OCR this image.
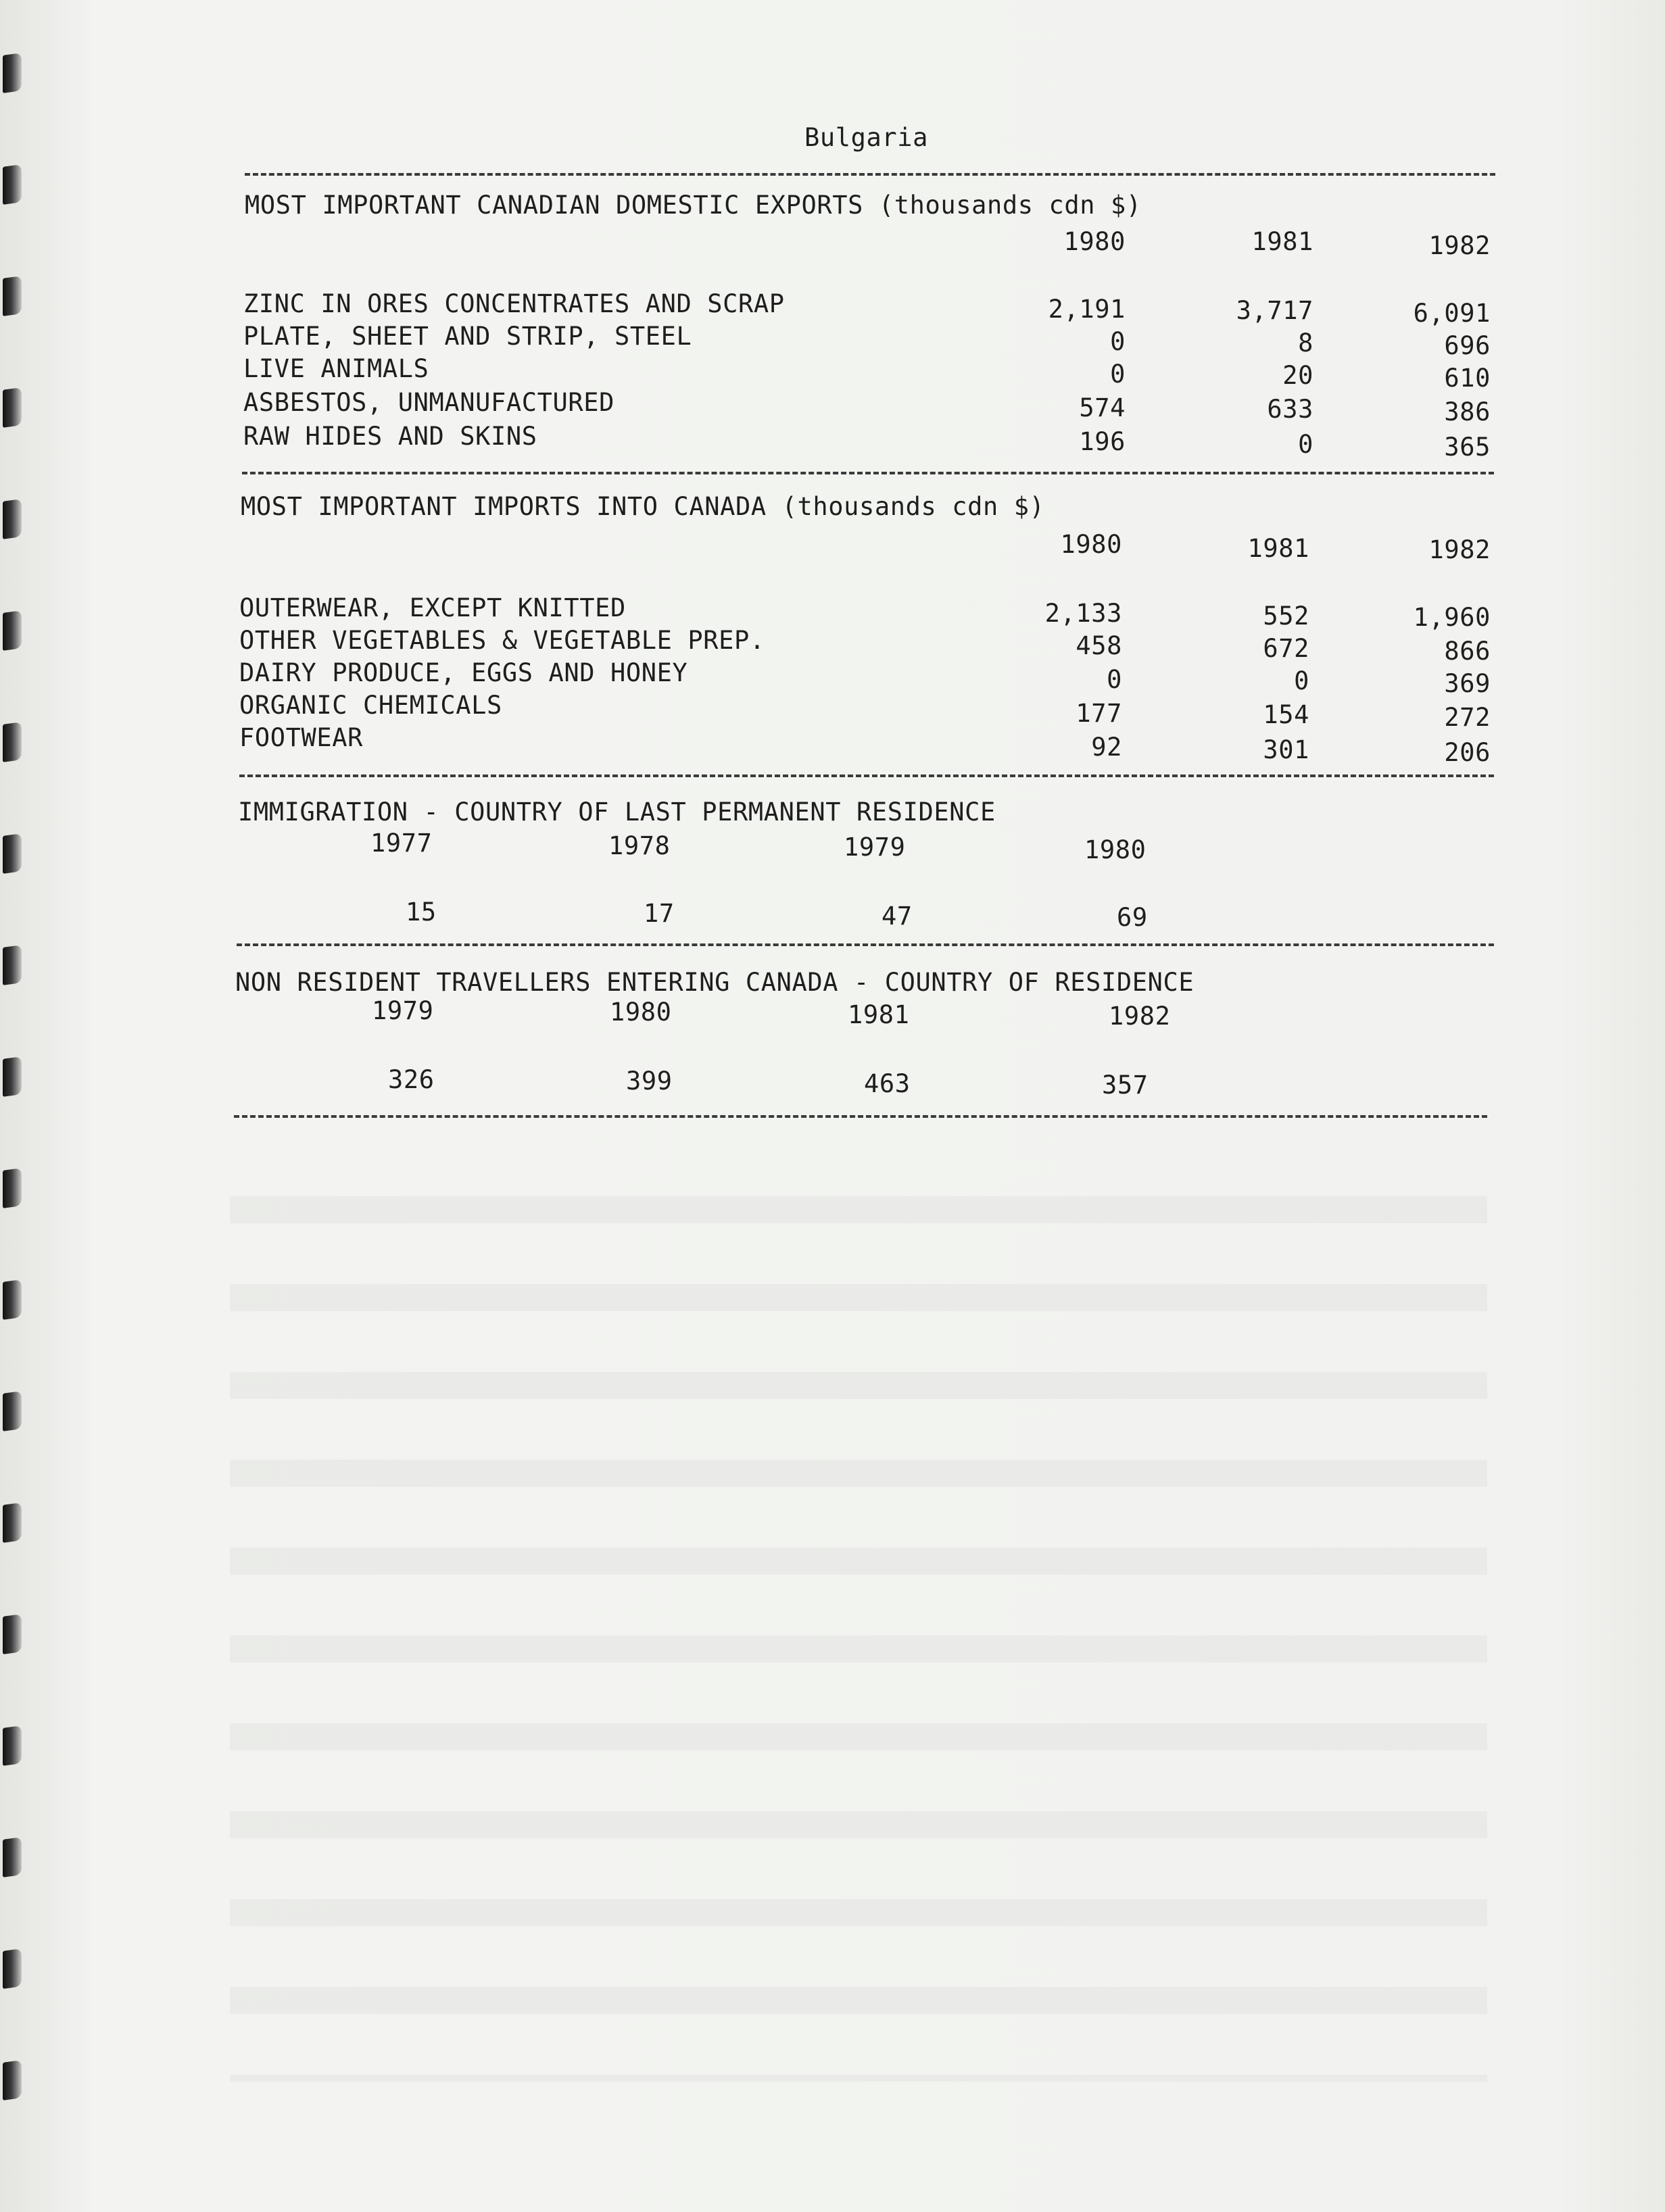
Bulgaria
MOST IMPORTANT CANADIAN DOMESTIC EXPORTS (thousands cdn $)
1980	1981	1982
ZINC IN ORES CONCENTRATES AND SCRAP	2,191	3,717	6,091
PLATE, SHEET AND STRIP, STEEL	0	8	696
LIVE ANIMALS	0	20	610
ASBESTOS, UNMANUFACTURED	574	633	386
RAW HIDES AND SKINS	196	0	365
MOST IMPORTANT IMPORTS INTO CANADA (thousands cdn $)
1980	1981	1982
OUTERWEAR, EXCEPT KNITTED	2,133	552	1,960
OTHER VEGETABLES & VEGETABLE PREP.	458	672	866
DAIRY PRODUCE, EGGS AND HONEY	0	0	369
ORGANIC CHEMICALS	177	154	272
FOOTWEAR	92	301	206
IMMIGRATION - COUNTRY OF LAST PERMANENT RESIDENCE
1977	1978	1979	1980
15	17	47	69
NON RESIDENT TRAVELLERS ENTERING CANADA - COUNTRY OF RESIDENCE
1979	1980	1981	1982
326	399	463	357
